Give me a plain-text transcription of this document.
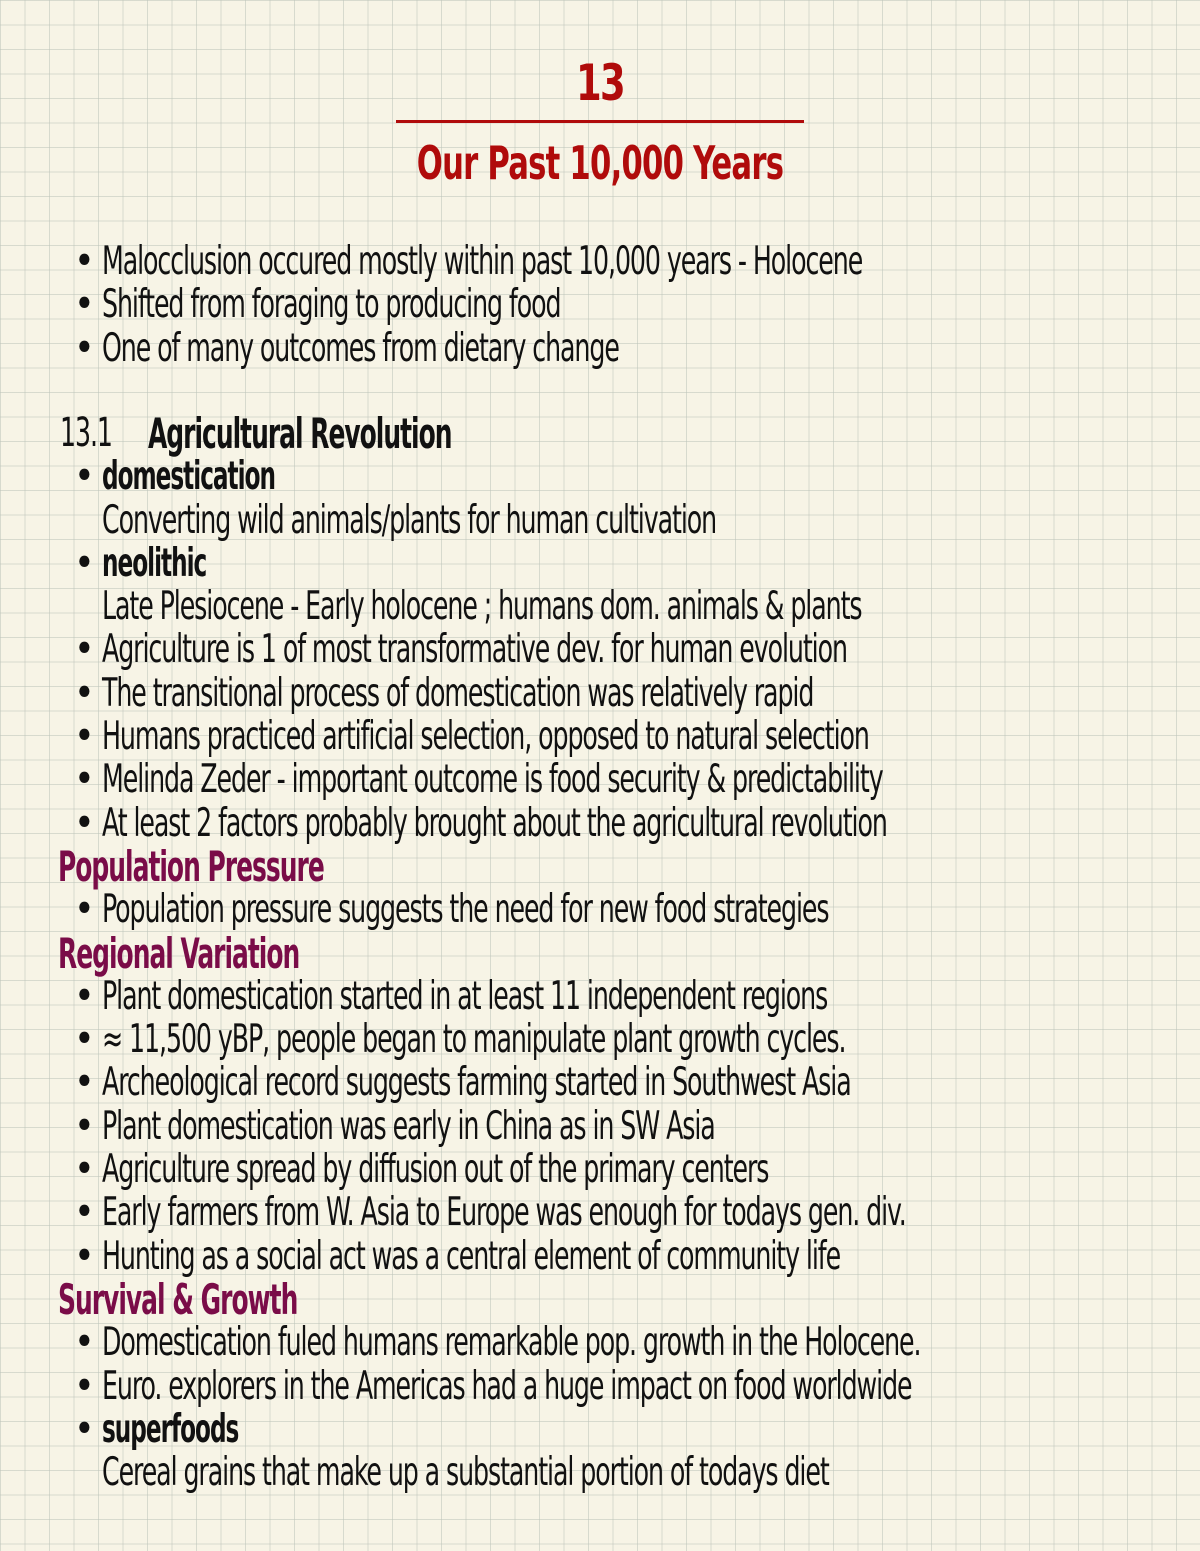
13
Our Past 10,000 Years
• Malocclusion occured mostly within past 10,000 years - Holocene
• Shifted from foraging to producing food
• One of many outcomes from dietary change
13.1 Agricultural Revolution
• domestication
Converting wild animals/plants for human cultivation
• neolithic
Late Plesiocene - Early holocene ; humans dom. animals & plants
• Agriculture is 1 of most transformative dev. for human evolution
• The transitional process of domestication was relatively rapid
• Humans practiced artificial selection, opposed to natural selection
• Melinda Zeder - important outcome is food security & predictability
• At least 2 factors probably brought about the agricultural revolution
Population Pressure
• Population pressure suggests the need for new food strategies
Regional Variation
• Plant domestication started in at least 11 independent regions
• ≈ 11,500 yBP, people began to manipulate plant growth cycles.
• Archeological record suggests farming started in Southwest Asia
• Plant domestication was early in China as in SW Asia
• Agriculture spread by diffusion out of the primary centers
• Early farmers from W. Asia to Europe was enough for todays gen. div.
• Hunting as a social act was a central element of community life
Survival & Growth
• Domestication fuled humans remarkable pop. growth in the Holocene.
• Euro. explorers in the Americas had a huge impact on food worldwide
• superfoods
Cereal grains that make up a substantial portion of todays diet
